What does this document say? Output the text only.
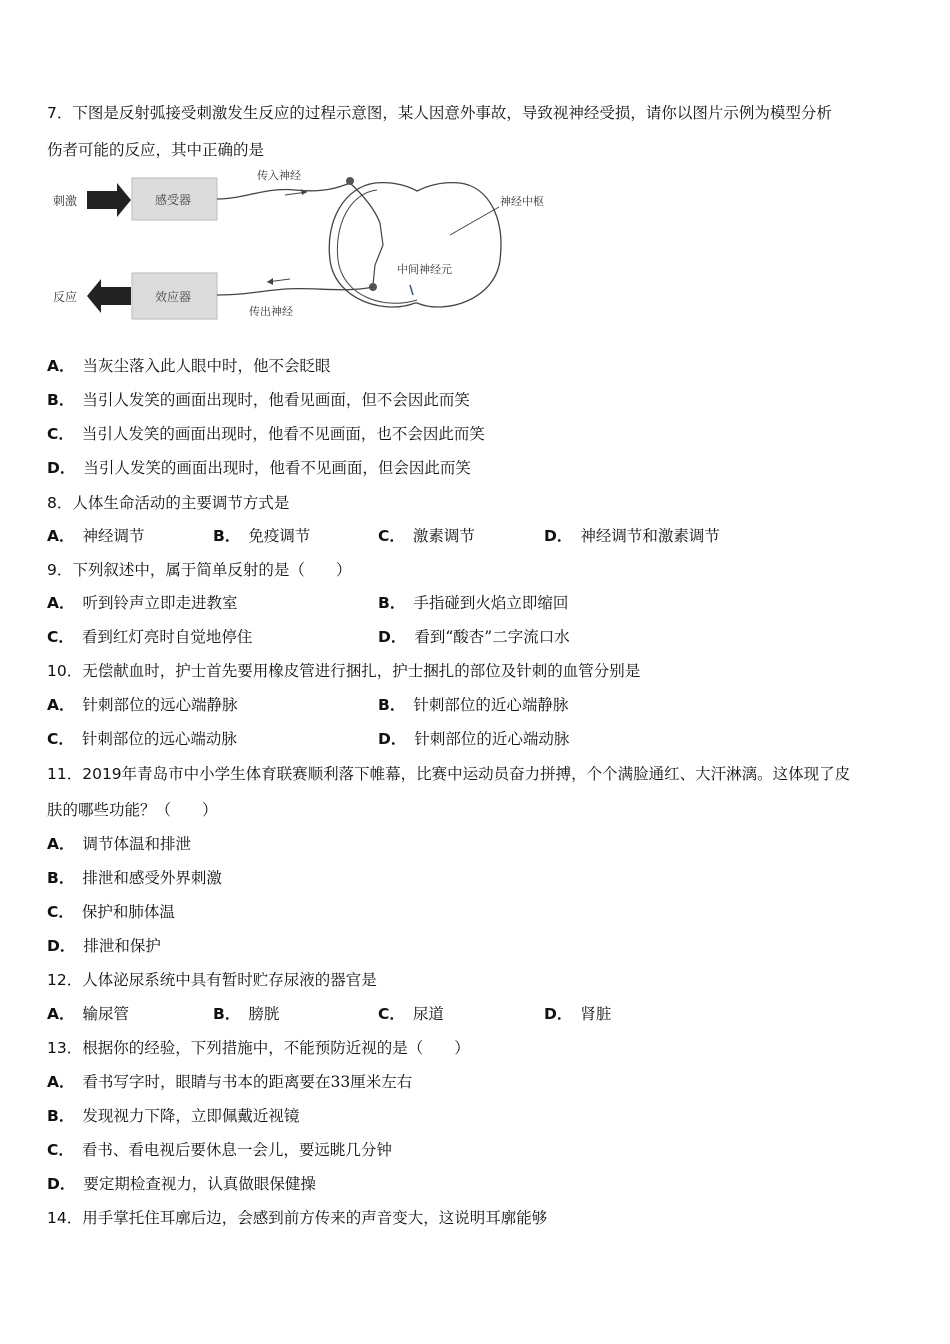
7．下图是反射弧接受刺激发生反应的过程示意图，某人因意外事故，导致视神经受损，请你以图片示例为模型分析
伤者可能的反应，其中正确的是
刺激	感受器
传入神经
神经中枢
中间神经元
反应	效应器
传出神经
A． 当灰尘落入此人眼中时，他不会眨眼
B． 当引人发笑的画面出现时，他看见画面，但不会因此而笑
C． 当引人发笑的画面出现时，他看不见画面，也不会因此而笑
D． 当引人发笑的画面出现时，他看不见画面，但会因此而笑
8．人体生命活动的主要调节方式是
A． 神经调节	B． 免疫调节	C． 激素调节	D． 神经调节和激素调节
9．下列叙述中，属于简单反射的是（　　）
A． 听到铃声立即走进教室	B． 手指碰到火焰立即缩回
C． 看到红灯亮时自觉地停住	D． 看到“酸杏”二字流口水
10．无偿献血时，护士首先要用橡皮管进行捆扎，护士捆扎的部位及针刺的血管分别是
A． 针刺部位的远心端静脉	B． 针刺部位的近心端静脉
C． 针刺部位的远心端动脉	D． 针刺部位的近心端动脉
11．2019年青岛市中小学生体育联赛顺利落下帷幕，比赛中运动员奋力拼搏，个个满脸通红、大汗淋漓。这体现了皮
肤的哪些功能？（　　）
A． 调节体温和排泄
B． 排泄和感受外界刺激
C． 保护和肺体温
D． 排泄和保护
12．人体泌尿系统中具有暂时贮存尿液的器官是
A． 输尿管	B． 膀胱	C． 尿道	D． 肾脏
13．根据你的经验，下列措施中，不能预防近视的是（　　）
A． 看书写字时，眼睛与书本的距离要在33厘米左右
B． 发现视力下降，立即佩戴近视镜
C． 看书、看电视后要休息一会儿，要远眺几分钟
D． 要定期检查视力，认真做眼保健操
14．用手掌托住耳廓后边，会感到前方传来的声音变大，这说明耳廓能够
